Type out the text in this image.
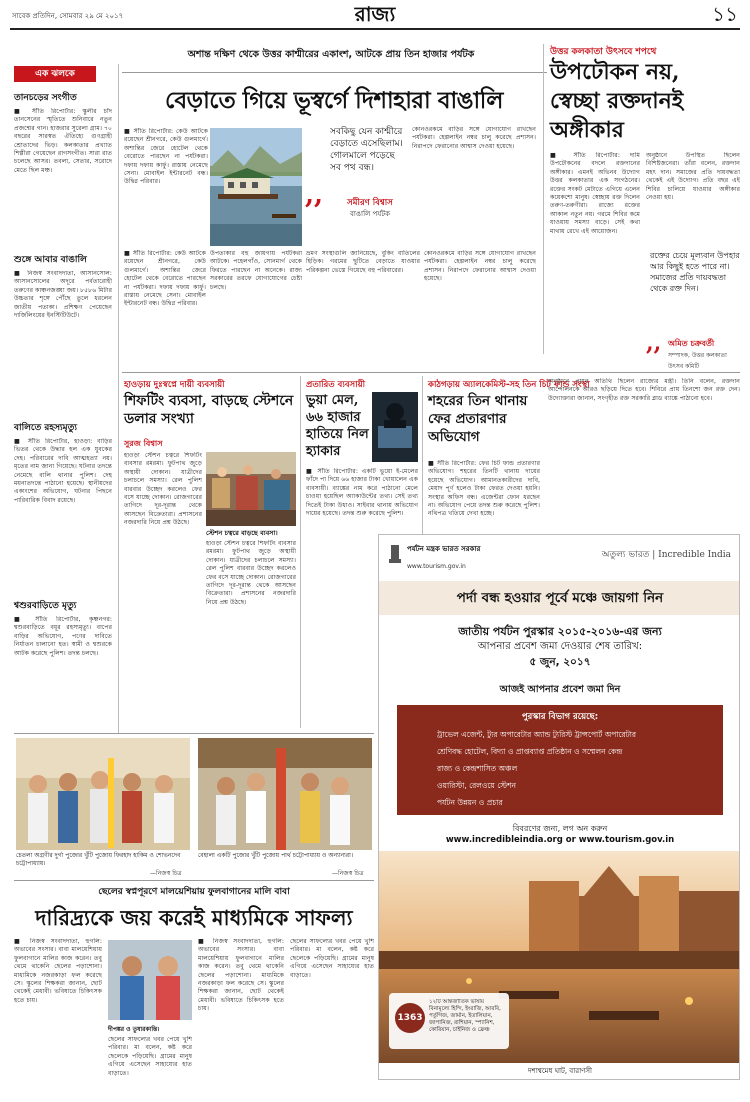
সাবেক প্রতিদিন, সোমবার ২৯ মে ২০১৭	রাজ্য	১১
এক ঝলকে
তানচড়ের সংগীত
■ সীঁতি রিপোর্টার: স্কুলীর চাঁদ তানসেনের স্মৃতিতে শুনিবারে নতুন প্রজন্মের গান। হাজরার সুরেলা গ্রাম। ৭০ বছরের সারস্বত ঐতিহ্যে গুণগ্রাহী শ্রোতাদের ভিড়। কলকাতার প্রখ্যাত শিল্পীরা গেয়েছেন রাগসংগীত। সারা রাত চলেছে আসর। তবলা, সেতার, সরোদে মেতে ছিল মঞ্চ।
শুঙ্গে আবার বাঙালি
■ নিজস্ব সংবাদদাতা, আসানসোল: আসানসোলের অদূরে পর্বতারোহী তরুণের কাঞ্চনজঙ্ঘা জয়। ৮৫৮৬ মিটার উচ্চতার শৃঙ্গে পৌঁছে তুলে ধরলেন জাতীয় পতাকা। প্রশিক্ষণ পেয়েছেন দার্জিলিংয়ের ইনস্টিটিউটে।
বালিতে রহস্যমৃত্যু
■ সীঁতি রিপোর্টার, হাওড়া: বাড়ির ভিতর থেকে উদ্ধার হল এক যুবকের দেহ। পরিবারের দাবি আত্মহত্যা নয়। মৃতের নাম জানা গিয়েছে। ঘটনার তদন্তে নেমেছে বালি থানার পুলিশ। দেহ ময়নাতদন্তে পাঠানো হয়েছে। স্থানীয়দের একাংশের অভিযোগ, ঘটনার পিছনে পারিবারিক বিবাদ রয়েছে।
শ্বশুরবাড়িতে মৃত্যু
■ সীঁতি রিপোর্টার, কৃষ্ণনগর: শ্বশুরবাড়িতে বধূর রহস্যমৃত্যু। বাপের বাড়ির অভিযোগ, পণের দাবিতে নির্যাতন চালানো হত। স্বামী ও শ্বশুরকে আটক করেছে পুলিশ। তদন্ত চলছে।
অশান্ত দক্ষিণ থেকে উত্তর কাশ্মীরের একাংশ, আটকে প্রায় তিন হাজার পর্যটক
বেড়াতে গিয়ে ভূস্বর্গে দিশাহারা বাঙালি
■ সীঁতি রিপোর্টার: কেউ আটকে রয়েছেন শ্রীনগরে, কেউ গুলমার্গে। অশান্তির জেরে হোটেল থেকে বেরোতে পারছেন না পর্যটকরা। দফায় দফায় কার্ফু। রাস্তায় নেমেছে সেনা। মোবাইল ইন্টারনেট বন্ধ। উদ্বিগ্ন পরিবার।	,,
সবকিছু যেন কাশ্মীরে বেড়াতে এসেছিলাম। গোলমালে পড়েছে সব পথ বন্ধ।
সমীরণ বিশ্বাস
বাঙালি পর্যটক
কোনওরকমে বাড়ির সঙ্গে যোগাযোগ রাখছেন পর্যটকরা। হেল্পলাইন নম্বর চালু করেছে প্রশাসন। নিরাপদে ফেরানোর আশ্বাস দেওয়া হয়েছে।
উপত্যকার বহু জায়গায় পর্যটকরা আটকে। পহেলগাঁও, সোনমার্গ থেকে ফিরতে পারছেন না অনেকে। রাজ্য সরকারের তরফে যোগাযোগের চেষ্টা চলছে।
ভ্রমণ সংস্থাগুলি জানিয়েছে, বুকিং বাতিলের হিড়িক। গরমের ছুটিতে বেড়াতে যাওয়ার পরিকল্পনা ভেস্তে গিয়েছে বহু পরিবারের।
■ সীঁতি রিপোর্টার: কেউ আটকে রয়েছেন শ্রীনগরে, কেউ গুলমার্গে। অশান্তির জেরে হোটেল থেকে বেরোতে পারছেন না পর্যটকরা। দফায় দফায় কার্ফু। রাস্তায় নেমেছে সেনা। মোবাইল ইন্টারনেট বন্ধ। উদ্বিগ্ন পরিবার।
কোনওরকমে বাড়ির সঙ্গে যোগাযোগ রাখছেন পর্যটকরা। হেল্পলাইন নম্বর চালু করেছে প্রশাসন। নিরাপদে ফেরানোর আশ্বাস দেওয়া হয়েছে।
উত্তর কলকাতা উৎসবে শপথে
উপঢৌকন নয়, স্বেচ্ছা রক্তদানই অঙ্গীকার
■ সীঁতি রিপোর্টার: দামি উপঢৌকনের বদলে রক্তদানের অঙ্গীকার। এমনই অভিনব উদ্যোগ উত্তর কলকাতার এক সংগঠনের। রক্তের সংকট মেটাতে এগিয়ে এলেন কয়েকশো মানুষ। স্বেচ্ছায় রক্ত দিলেন তরুণ-তরুণীরা। রাজ্যে রক্তের আকাল নতুন নয়। গরমে শিবির কমে যাওয়ায় সমস্যা বাড়ে। সেই কথা মাথায় রেখে এই আয়োজন।
অনুষ্ঠানে উপস্থিত ছিলেন বিশিষ্টজনেরা। তাঁরা বলেন, রক্তদান মহৎ দান। সমাজের প্রতি দায়বদ্ধতা থেকেই এই উদ্যোগ। প্রতি বছর এই শিবির চালিয়ে যাওয়ার অঙ্গীকার নেওয়া হয়।
রক্তের চেয়ে মূল্যবান উপহার আর কিছুই হতে পারে না। সমাজের প্রতি দায়বদ্ধতা থেকে রক্ত দিন।
,, অমিত চক্রবর্তী
সম্পাদক, উত্তর কলকাতা উৎসব কমিটি
হাওড়ায় দুঃস্বপ্নে দায়ী ব্যবসায়ী
শিফটিং ব্যবসা, বাড়ছে স্টেশনে ডলার সংখ্যা
সুরজ বিশ্বাস
হাওড়া স্টেশন চত্বরে শিফটিং ব্যবসার রমরমা। ফুটপাথ জুড়ে অস্থায়ী দোকান। যাত্রীদের চলাচলে সমস্যা। রেল পুলিশ বারবার উচ্ছেদ করলেও ফের বসে যাচ্ছে দোকান। রোজগারের তাগিদে দূর-দূরান্ত থেকে আসছেন বিক্রেতারা। প্রশাসনের নজরদারি নিয়ে প্রশ্ন উঠছে।
স্টেশন চত্বরে বাড়ছে ব্যবসা।
হাওড়া স্টেশন চত্বরে শিফটিং ব্যবসার রমরমা। ফুটপাথ জুড়ে অস্থায়ী দোকান। যাত্রীদের চলাচলে সমস্যা। রেল পুলিশ বারবার উচ্ছেদ করলেও ফের বসে যাচ্ছে দোকান। রোজগারের তাগিদে দূর-দূরান্ত থেকে আসছেন বিক্রেতারা। প্রশাসনের নজরদারি নিয়ে প্রশ্ন উঠছে।
প্রতারিত ব্যবসায়ী
ভুয়া মেল, ৬৬ হাজার হাতিয়ে নিল হ্যাকার
■ সীঁতি রিপোর্টার: একটি ভুয়ো ই-মেলের ফাঁদে পা দিয়ে ৬৬ হাজার টাকা খোয়ালেন এক ব্যবসায়ী। ব্যাঙ্কের নাম করে পাঠানো মেলে চাওয়া হয়েছিল অ্যাকাউন্টের তথ্য। সেই তথ্য দিতেই টাকা উধাও। সাইবার থানায় অভিযোগ দায়ের হয়েছে। তদন্ত শুরু করেছে পুলিশ।
কাঠগড়ায় অ্যালকেমিস্ট-সহ তিন চিট ফান্ড সংস্থা
শহরের তিন থানায় ফের প্রতারণার অভিযোগ
■ সীঁতি রিপোর্টার: ফের চিট ফান্ড প্রতারণার অভিযোগ। শহরের তিনটি থানায় দায়ের হয়েছে অভিযোগ। আমানতকারীদের দাবি, মেয়াদ পূর্ণ হলেও টাকা ফেরত দেওয়া হয়নি। সংস্থার অফিস বন্ধ। এজেন্টরা ফোন ধরছেন না। অভিযোগ পেয়ে তদন্ত শুরু করেছে পুলিশ। নথিপত্র খতিয়ে দেখা হচ্ছে।
অনুষ্ঠানে প্রধান অতিথি ছিলেন রাজ্যের মন্ত্রী। তিনি বলেন, রক্তদান আন্দোলনকে আরও ছড়িয়ে দিতে হবে। শিবিরে প্রায় তিনশো জন রক্ত দেন। উদ্যোক্তারা জানান, সংগৃহীত রক্ত সরকারি ব্লাড ব্যাঙ্কে পাঠানো হবে।
পর্যটন মন্ত্রক ভারত সরকার
www.tourism.gov.in
অতুল্য ভারত | Incredible India
পর্দা বন্ধ হওয়ার পূর্বে মঞ্চে জায়গা নিন
জাতীয় পর্যটন পুরস্কার ২০১৫-২০১৬-এর জন্য
আপনার প্রবেশ জমা দেওয়ার শেষ তারিখ:
৫ জুন, ২০১৭
আজই আপনার প্রবেশ জমা দিন
পুরস্কার বিভাগ রয়েছে:
ট্রাভেল এজেন্ট, ট্যুর অপারেটার অ্যান্ড ট্যুরিস্ট ট্রান্সপোর্ট অপারেটার
শ্রেণিবদ্ধ হোটেল, বিদ্যা ও প্রাপ্তব্যাপ্ত প্রতিষ্ঠান ও সম্মেলন কেন্দ্র
রাজ্য ও কেন্দ্রশাসিত অঞ্চল
ওয়ারিস্টা, রেলওয়ে স্টেশন
পর্যটন উন্নয়ন ও প্রচার
বিবরণের জন্য, লগ অন করুন
www.incredibleindia.org or www.tourism.gov.in
1363
১২টি আন্তর্জাতিক ভাষায় বিনামূল্যে হিন্দি, ইংরাজি, আরবি, পর্তুগিজ, জার্মান, ইতালিয়ান, জাপানিজ, রাশিয়ান, স্প্যানিশ, কোরিয়ান, চাইনিজ ও ফ্রেঞ্চ
দশাশ্বমেধ ঘাট, বারাণসী
চেতলা অগ্রণীর দুর্গা পুজোর খুঁটি পুজোয় ফিরহাদ হাকিম ও শোভনদেব চট্টোপাধ্যায়।
—নিজস্ব চিত্র
বেহালা একটি পুজোর খুঁটি পুজোয় পার্থ চট্টোপাধ্যায় ও অন্যান্যরা।
—নিজস্ব চিত্র
ছেলের স্বপ্নপূরণে মালয়েশিয়ায় ফুলবাগানের মালি বাবা
দারিদ্র্যকে জয় করেই মাধ্যমিকে সাফল্য
■ নিজস্ব সংবাদদাতা, হুগলি: অভাবের সংসার। বাবা মালয়েশিয়ায় ফুলবাগানে মালির কাজ করেন। তবু থেমে থাকেনি ছেলের পড়াশোনা। মাধ্যমিকে নজরকাড়া ফল করেছে সে। স্কুলের শিক্ষকরা জানান, ছোট থেকেই মেধাবী। ভবিষ্যতে চিকিৎসক হতে চায়।
দীপঙ্কর ও তুষারকান্তি।
ছেলের সাফল্যের খবর পেয়ে খুশি পরিবার। মা বলেন, কষ্ট করে ছেলেকে পড়িয়েছি। গ্রামের মানুষ এগিয়ে এসেছেন সাহায্যের হাত বাড়াতে।
■ নিজস্ব সংবাদদাতা, হুগলি: অভাবের সংসার। বাবা মালয়েশিয়ায় ফুলবাগানে মালির কাজ করেন। তবু থেমে থাকেনি ছেলের পড়াশোনা। মাধ্যমিকে নজরকাড়া ফল করেছে সে। স্কুলের শিক্ষকরা জানান, ছোট থেকেই মেধাবী। ভবিষ্যতে চিকিৎসক হতে চায়।
ছেলের সাফল্যের খবর পেয়ে খুশি পরিবার। মা বলেন, কষ্ট করে ছেলেকে পড়িয়েছি। গ্রামের মানুষ এগিয়ে এসেছেন সাহায্যের হাত বাড়াতে।
